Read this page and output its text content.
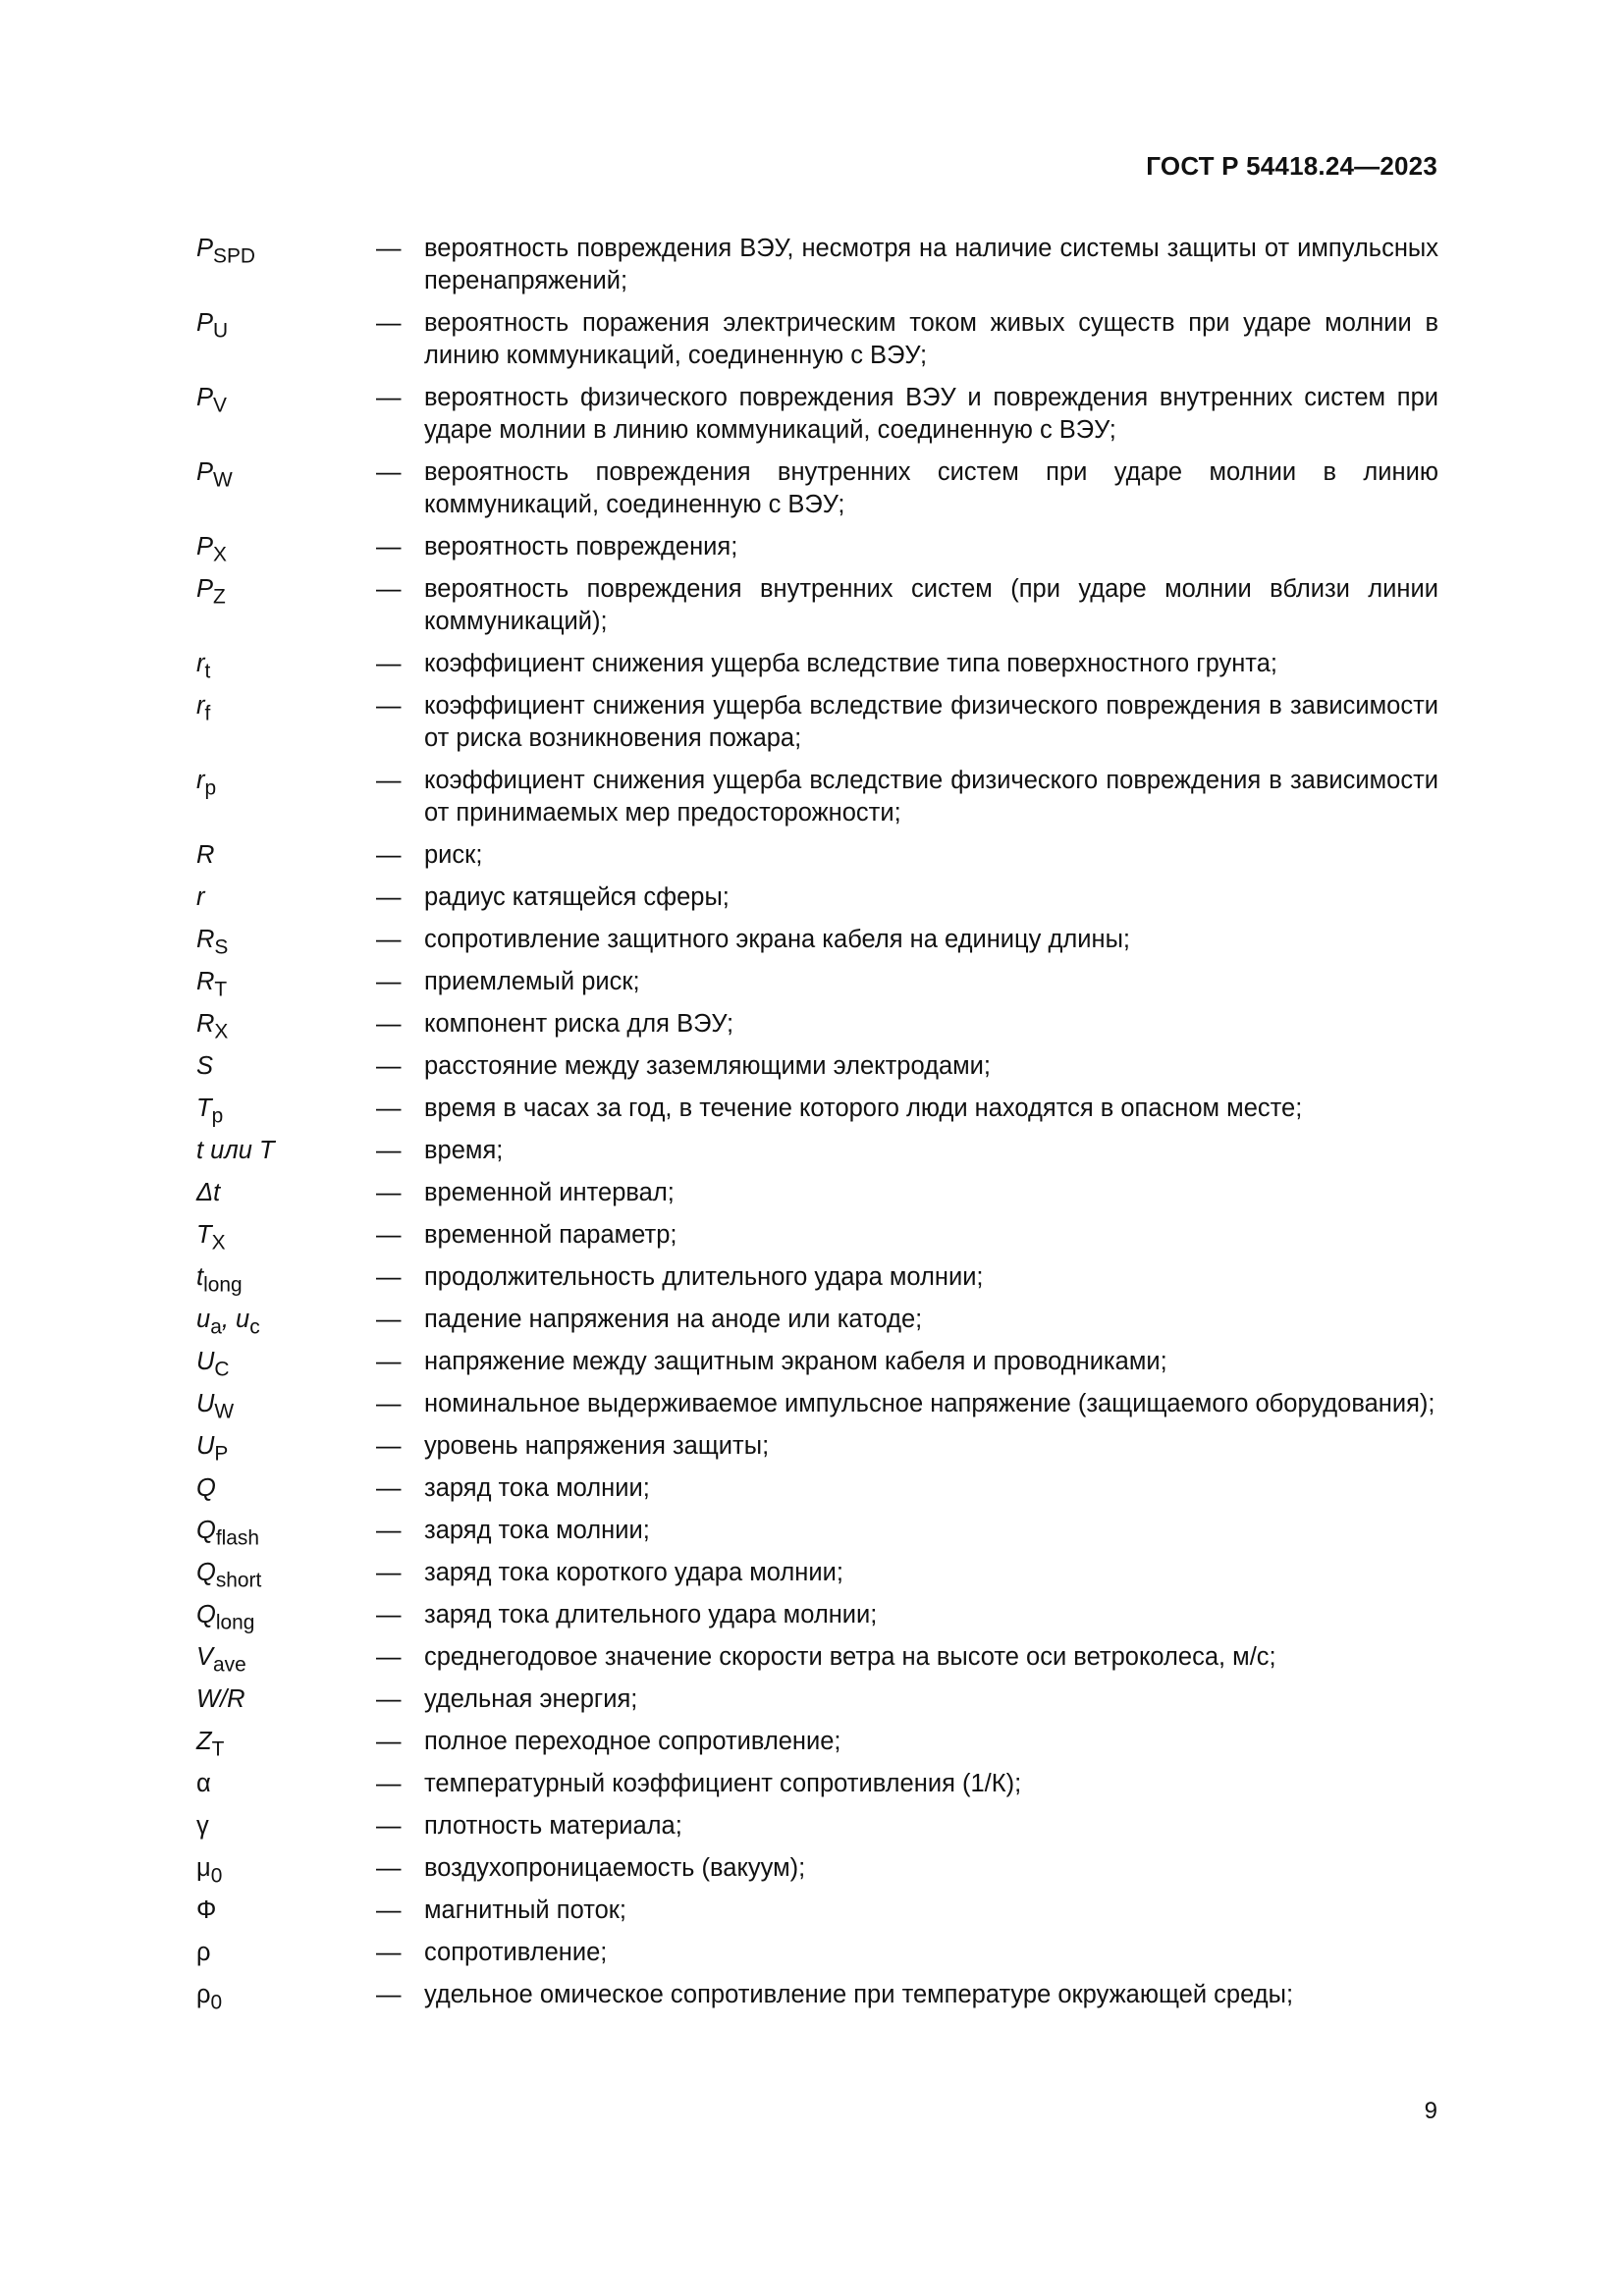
ГОСТ Р 54418.24—2023
$P_{SPD}$	— вероятность повреждения ВЭУ, несмотря на наличие системы защиты от импульсных перенапряжений;
$P_U$	— вероятность поражения электрическим током живых существ при ударе молнии в линию коммуникаций, соединенную с ВЭУ;
$P_V$	— вероятность физического повреждения ВЭУ и повреждения внутренних систем при ударе молнии в линию коммуникаций, соединенную с ВЭУ;
$P_W$	— вероятность повреждения внутренних систем при ударе молнии в линию коммуникаций, соединенную с ВЭУ;
$P_X$	— вероятность повреждения;
$P_Z$	— вероятность повреждения внутренних систем (при ударе молнии вблизи линии коммуникаций);
$r_t$	— коэффициент снижения ущерба вследствие типа поверхностного грунта;
$r_f$	— коэффициент снижения ущерба вследствие физического повреждения в зависимости от риска возникновения пожара;
$r_p$	— коэффициент снижения ущерба вследствие физического повреждения в зависимости от принимаемых мер предосторожности;
R	— риск;
r	— радиус катящейся сферы;
$R_S$	— сопротивление защитного экрана кабеля на единицу длины;
$R_T$	— приемлемый риск;
$R_X$	— компонент риска для ВЭУ;
S	— расстояние между заземляющими электродами;
$T_p$	— время в часах за год, в течение которого люди находятся в опасном месте;
t или T	— время;
Δt	— временной интервал;
$T_X$	— временной параметр;
$t_{long}$	— продолжительность длительного удара молнии;
$u_a$, $u_c$	— падение напряжения на аноде или катоде;
$U_C$	— напряжение между защитным экраном кабеля и проводниками;
$U_W$	— номинальное выдерживаемое импульсное напряжение (защищаемого оборудования);
$U_P$	— уровень напряжения защиты;
Q	— заряд тока молнии;
$Q_{flash}$	— заряд тока молнии;
$Q_{short}$	— заряд тока короткого удара молнии;
$Q_{long}$	— заряд тока длительного удара молнии;
$V_{ave}$	— среднегодовое значение скорости ветра на высоте оси ветроколеса, м/с;
W/R	— удельная энергия;
$Z_T$	— полное переходное сопротивление;
α	— температурный коэффициент сопротивления (1/К);
γ	— плотность материала;
$\mu_0$	— воздухопроницаемость (вакуум);
Φ	— магнитный поток;
ρ	— сопротивление;
$\rho_0$	— удельное омическое сопротивление при температуре окружающей среды;
9
